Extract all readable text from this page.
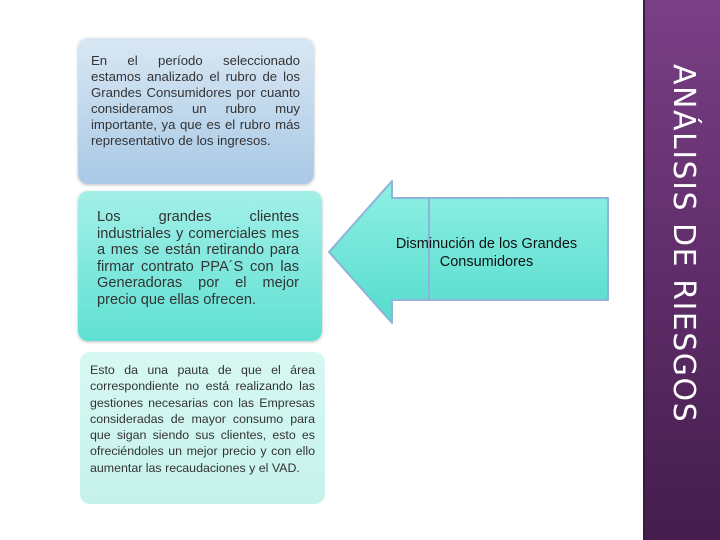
En el período seleccionado estamos analizado el rubro de los Grandes Consumidores por cuanto consideramos un rubro muy importante, ya que es el rubro más representativo de los ingresos.
Los grandes clientes industriales y comerciales mes a mes se están retirando para firmar contrato PPA´S con las Generadoras por el mejor precio que ellas ofrecen.
Esto da una pauta de que el área correspondiente no está realizando las gestiones necesarias con las Empresas consideradas de mayor consumo para que sigan siendo sus clientes, esto es ofreciéndoles un mejor precio y con ello aumentar las recaudaciones y el VAD.
Disminución de los Grandes Consumidores	ANÁLISIS DE RIESGOS
